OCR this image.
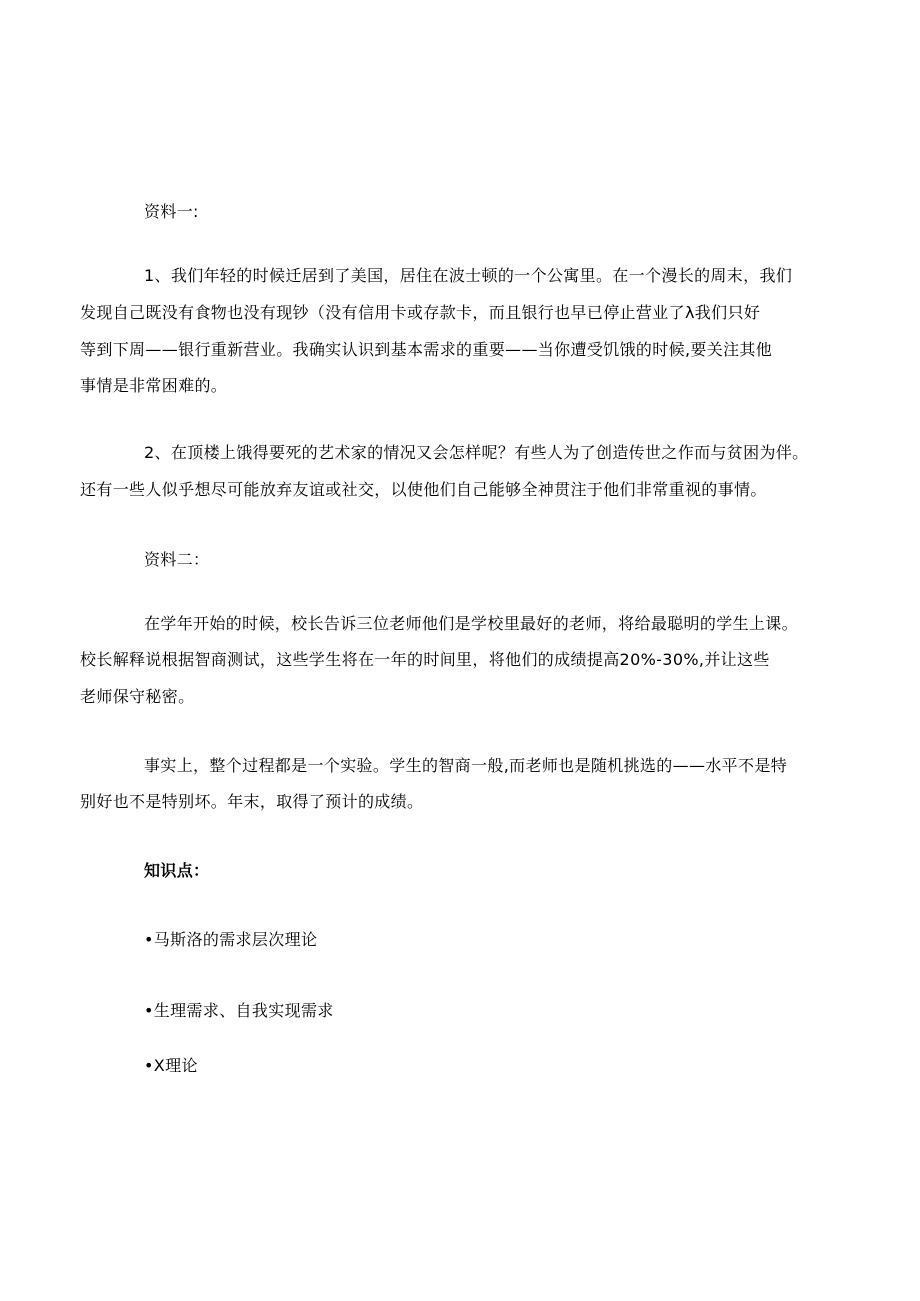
资料一:

1、我们年轻的时候迁居到了美国，居住在波士顿的一个公寓里。在一个漫长的周末，我们

发现自己既没有食物也没有现钞（没有信用卡或存款卡，而且银行也早已停止营业了λ我们只好

等到下周——银行重新营业。我确实认识到基本需求的重要——当你遭受饥饿的时候,要关注其他

事情是非常困难的。

2、在顶楼上饿得要死的艺术家的情况又会怎样呢？有些人为了创造传世之作而与贫困为伴。

还有一些人似乎想尽可能放弃友谊或社交，以使他们自己能够全神贯注于他们非常重视的事情。

资料二：

在学年开始的时候，校长告诉三位老师他们是学校里最好的老师，将给最聪明的学生上课。

校长解释说根据智商测试，这些学生将在一年的时间里，将他们的成绩提高20%-30%,并让这些

老师保守秘密。

事实上，整个过程都是一个实验。学生的智商一般,而老师也是随机挑选的——水平不是特

别好也不是特别坏。年末，取得了预计的成绩。

知识点：

•马斯洛的需求层次理论

•生理需求、自我实现需求

•X理论
